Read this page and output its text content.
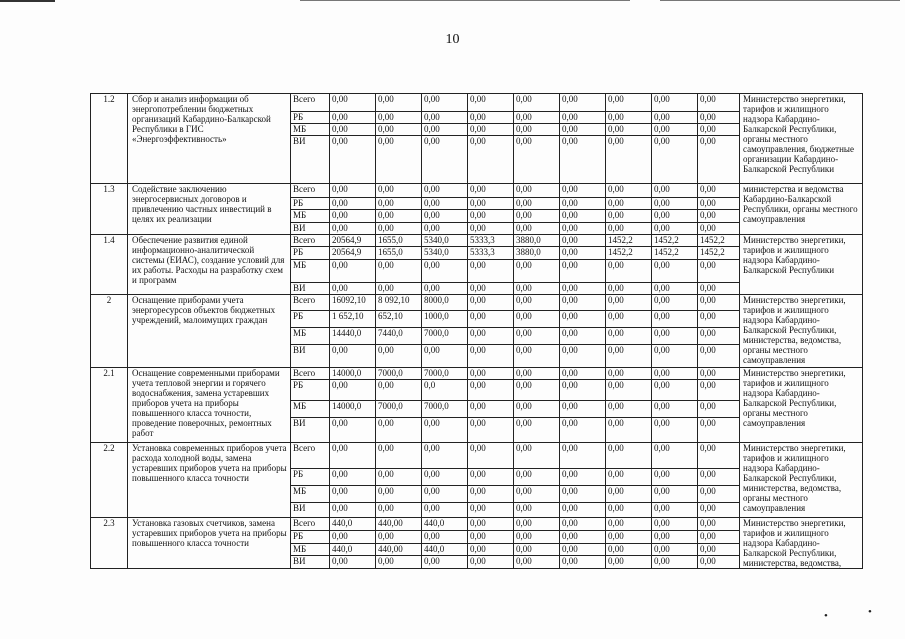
10
1.2	Сбор и анализ информации об энергопотреблении бюджетных организаций Кабардино-Балкарской Республики в ГИС «Энергоэффективность»	Всего	0,00	0,00	0,00	0,00	0,00	0,00	0,00	0,00	0,00	Министерство энергетики, тарифов и жилищного надзора Кабардино-Балкарской Республики, органы местного самоуправления, бюджетные организации Кабардино-Балкарской Республики
		РБ	0,00	0,00	0,00	0,00	0,00	0,00	0,00	0,00	0,00	
		МБ	0,00	0,00	0,00	0,00	0,00	0,00	0,00	0,00	0,00	
		ВИ	0,00	0,00	0,00	0,00	0,00	0,00	0,00	0,00	0,00	
1.3	Содействие заключению энергосервисных договоров и привлечению частных инвестиций в целях их реализации	Всего	0,00	0,00	0,00	0,00	0,00	0,00	0,00	0,00	0,00	министерства и ведомства Кабардино-Балкарской Республики, органы местного самоуправления
		РБ	0,00	0,00	0,00	0,00	0,00	0,00	0,00	0,00	0,00	
		МБ	0,00	0,00	0,00	0,00	0,00	0,00	0,00	0,00	0,00	
		ВИ	0,00	0,00	0,00	0,00	0,00	0,00	0,00	0,00	0,00	
1.4	Обеспечение развития единой информационно-аналитической системы (ЕИАС), создание условий для их работы. Расходы на разработку схем и программ	Всего	20564,9	1655,0	5340,0	5333,3	3880,0	0,00	1452,2	1452,2	1452,2	Министерство энергетики, тарифов и жилищного надзора Кабардино-Балкарской Республики
		РБ	20564,9	1655,0	5340,0	5333,3	3880,0	0,00	1452,2	1452,2	1452,2	
		МБ	0,00	0,00	0,00	0,00	0,00	0,00	0,00	0,00	0,00	
		ВИ	0,00	0,00	0,00	0,00	0,00	0,00	0,00	0,00	0,00	
2	Оснащение приборами учета энергоресурсов объектов бюджетных учреждений, малоимущих граждан	Всего	16092,10	8 092,10	8000,0	0,00	0,00	0,00	0,00	0,00	0,00	Министерство энергетики, тарифов и жилищного надзора Кабардино-Балкарской Республики, министерства, ведомства, органы местного самоуправления
		РБ	1 652,10	652,10	1000,0	0,00	0,00	0,00	0,00	0,00	0,00	
		МБ	14440,0	7440,0	7000,0	0,00	0,00	0,00	0,00	0,00	0,00	
		ВИ	0,00	0,00	0,00	0,00	0,00	0,00	0,00	0,00	0,00	
2.1	Оснащение современными приборами учета тепловой энергии и горячего водоснабжения, замена устаревших приборов учета на приборы повышенного класса точности, проведение поверочных, ремонтных работ	Всего	14000,0	7000,0	7000,0	0,00	0,00	0,00	0,00	0,00	0,00	Министерство энергетики, тарифов и жилищного надзора Кабардино-Балкарской Республики, органы местного самоуправления
		РБ	0,00	0,00	0,0	0,00	0,00	0,00	0,00	0,00	0,00	
		МБ	14000,0	7000,0	7000,0	0,00	0,00	0,00	0,00	0,00	0,00	
		ВИ	0,00	0,00	0,00	0,00	0,00	0,00	0,00	0,00	0,00	
2.2	Установка современных приборов учета расхода холодной воды, замена устаревших приборов учета на приборы повышенного класса точности	Всего	0,00	0,00	0,00	0,00	0,00	0,00	0,00	0,00	0,00	Министерство энергетики, тарифов и жилищного надзора Кабардино-Балкарской Республики, министерства, ведомства, органы местного самоуправления
		РБ	0,00	0,00	0,00	0,00	0,00	0,00	0,00	0,00	0,00	
		МБ	0,00	0,00	0,00	0,00	0,00	0,00	0,00	0,00	0,00	
		ВИ	0,00	0,00	0,00	0,00	0,00	0,00	0,00	0,00	0,00	
2.3	Установка газовых счетчиков, замена устаревших приборов учета на приборы повышенного класса точности	Всего	440,0	440,00	440,0	0,00	0,00	0,00	0,00	0,00	0,00	Министерство энергетики, тарифов и жилищного надзора Кабардино-Балкарской Республики, министерства, ведомства,
		РБ	0,00	0,00	0,00	0,00	0,00	0,00	0,00	0,00	0,00	
		МБ	440,0	440,00	440,0	0,00	0,00	0,00	0,00	0,00	0,00	
		ВИ	0,00	0,00	0,00	0,00	0,00	0,00	0,00	0,00	0,00	
•	•
